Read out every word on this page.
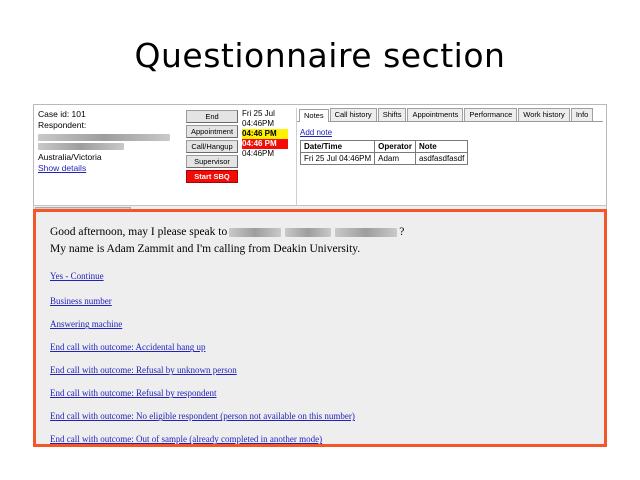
Questionnaire section
Case id: 101
Respondent:
Australia/Victoria
Show details
End
Appointment
Call/Hangup
Supervisor
Start SBQ
Fri 25 Jul
04:46PM
04:46 PM
04:46 PM
04:46PM
Notes	Call history	Shifts	Appointments	Performance	Work history	Info
Add note
Date/Time	Operator	Note
Fri 25 Jul 04:46PM	Adam	asdfasdfasdf
Good afternoon, may I please speak to	?
My name is Adam Zammit and I'm calling from Deakin University.
Yes - Continue
Business number
Answering machine
End call with outcome: Accidental hang up
End call with outcome: Refusal by unknown person
End call with outcome: Refusal by respondent
End call with outcome: No eligible respondent (person not available on this number)
End call with outcome: Out of sample (already completed in another mode)
